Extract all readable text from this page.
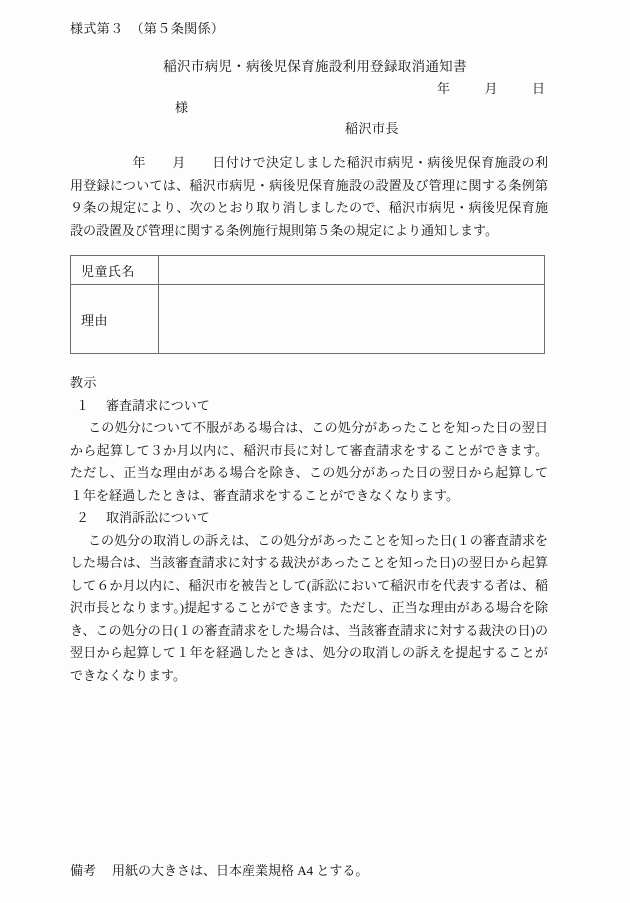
様式第３　（第５条関係）
稲沢市病児・病後児保育施設利用登録取消通知書
年	月	日
様
稲沢市長
年 月 日付けで決定しました稲沢市病児・病後児保育施設の利用登録については、稲沢市病児・病後児保育施設の設置及び管理に関する条例第９条の規定により、次のとおり取り消しましたので、稲沢市病児・病後児保育施設の設置及び管理に関する条例施行規則第５条の規定により通知します。
児童氏名	
理由	
教示
１ 審査請求について
この処分について不服がある場合は、この処分があったことを知った日の翌日から起算して３か月以内に、稲沢市長に対して審査請求をすることができます。ただし、正当な理由がある場合を除き、この処分があった日の翌日から起算して１年を経過したときは、審査請求をすることができなくなります。
２ 取消訴訟について
この処分の取消しの訴えは、この処分があったことを知った日(１の審査請求をした場合は、当該審査請求に対する裁決があったことを知った日)の翌日から起算して６か月以内に、稲沢市を被告として(訴訟において稲沢市を代表する者は、稲沢市長となります。)提起することができます。ただし、正当な理由がある場合を除き、この処分の日(１の審査請求をした場合は、当該審査請求に対する裁決の日)の翌日から起算して１年を経過したときは、処分の取消しの訴えを提起することができなくなります。
備考 用紙の大きさは、日本産業規格 A4 とする。
